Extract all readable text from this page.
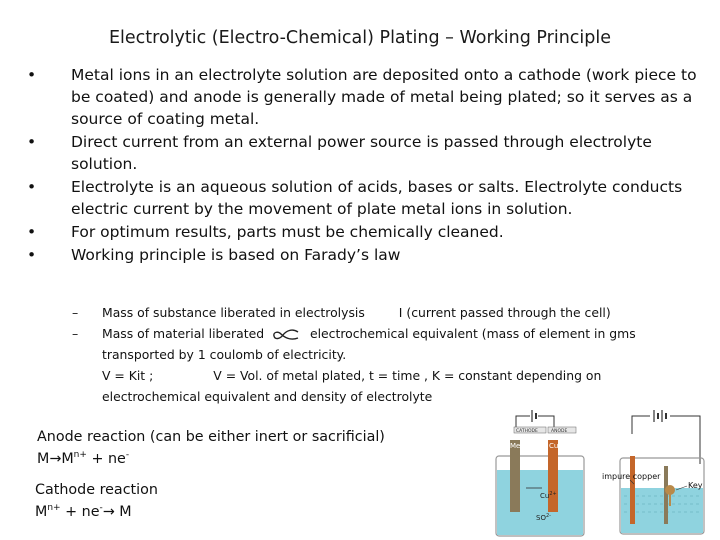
Electrolytic (Electro-Chemical) Plating – Working Principle
• Metal ions in an electrolyte solution are deposited onto a cathode (work piece to be coated) and anode is generally made of metal being plated; so it serves as a source of coating metal.
• Direct current from an external power source is passed through electrolyte solution.
• Electrolyte is an aqueous solution of acids, bases or salts. Electrolyte conducts electric current by the movement of plate metal ions in solution.
• For optimum results, parts must be chemically cleaned.
• Working principle is based on Farady’s law
– Mass of substance liberated in electrolysis	I (current passed through the cell)
– Mass of material liberated	electrochemical equivalent (mass of element in gms
transported by 1 coulomb of electricity.
V = Kit ;	V = Vol. of metal plated, t = time , K = constant depending on
electrochemical equivalent and density of electrolyte
Anode reaction (can be either inert or sacrificial)
$M\to M^{n+} + ne^-$
Cathode reaction
$M^{n+} + ne^-\to M$
CATHODE	ANODE
Me	Cu
$Cu^{2+}$
$SO^{2-}$
impure copper
Key
